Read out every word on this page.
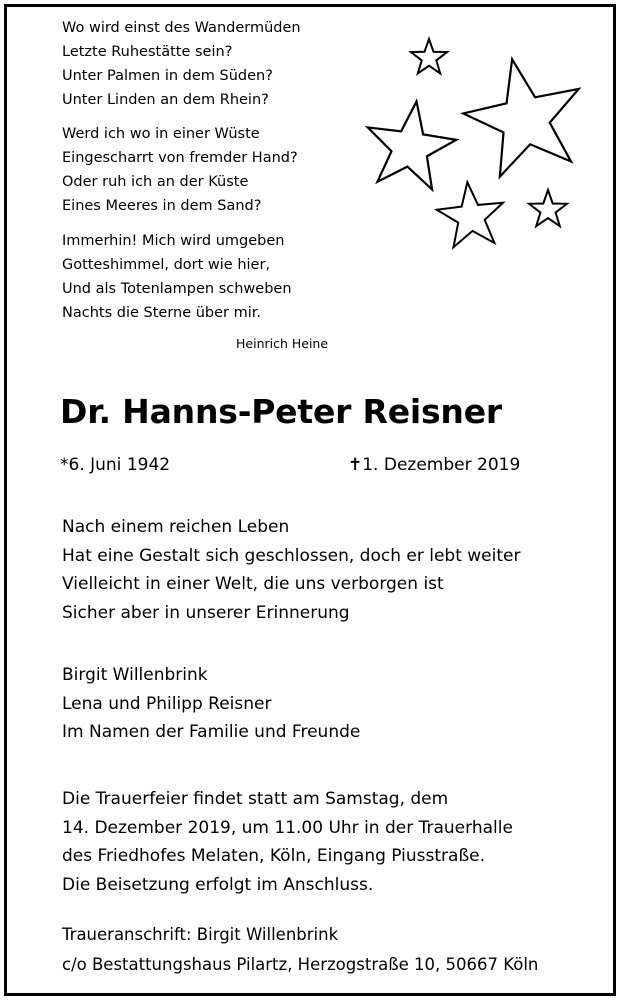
Wo wird einst des Wandermüden
Letzte Ruhestätte sein?
Unter Palmen in dem Süden?
Unter Linden an dem Rhein?
Werd ich wo in einer Wüste
Eingescharrt von fremder Hand?
Oder ruh ich an der Küste
Eines Meeres in dem Sand?
Immerhin! Mich wird umgeben
Gotteshimmel, dort wie hier,
Und als Totenlampen schweben
Nachts die Sterne über mir.
Heinrich Heine
Dr. Hanns-Peter Reisner
*6. Juni 1942	✝1. Dezember 2019
Nach einem reichen Leben
Hat eine Gestalt sich geschlossen, doch er lebt weiter
Vielleicht in einer Welt, die uns verborgen ist
Sicher aber in unserer Erinnerung
Birgit Willenbrink
Lena und Philipp Reisner
Im Namen der Familie und Freunde
Die Trauerfeier findet statt am Samstag, dem
14. Dezember 2019, um 11.00 Uhr in der Trauerhalle
des Friedhofes Melaten, Köln, Eingang Piusstraße.
Die Beisetzung erfolgt im Anschluss.
Traueranschrift: Birgit Willenbrink
c/o Bestattungshaus Pilartz, Herzogstraße 10, 50667 Köln
